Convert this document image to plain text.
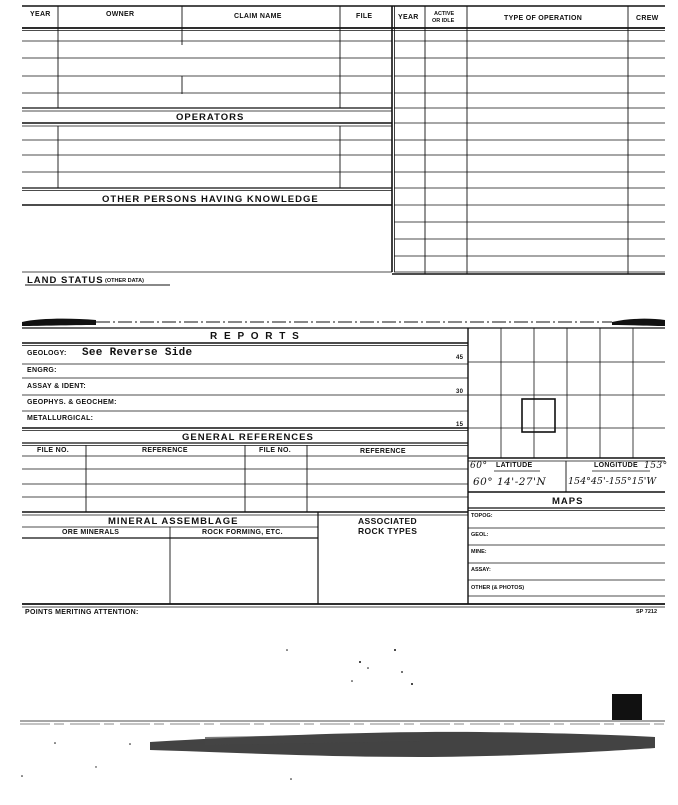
YEAR	OWNER	CLAIM NAME	FILE	YEAR	ACTIVE
OR IDLE	TYPE OF OPERATION	CREW
OPERATORS
OTHER PERSONS HAVING KNOWLEDGE
LAND STATUS (OTHER DATA)
R E P O R T S
GEOLOGY: See Reverse Side
ENGRG:
ASSAY & IDENT:
GEOPHYS. & GEOCHEM:
METALLURGICAL:
45
30
15
GENERAL REFERENCES
FILE NO.	REFERENCE	FILE NO.	REFERENCE
MINERAL ASSEMBLAGE
ORE MINERALS	ROCK FORMING, ETC.
ASSOCIATED
ROCK TYPES
60° LATITUDE	LONGITUDE 153°
60° 14'-27'N 154°45'-155°15'W
MAPS
TOPOG:
GEOL:
MINE:
ASSAY:
OTHER (& PHOTOS)
POINTS MERITING ATTENTION:	SP 7212
